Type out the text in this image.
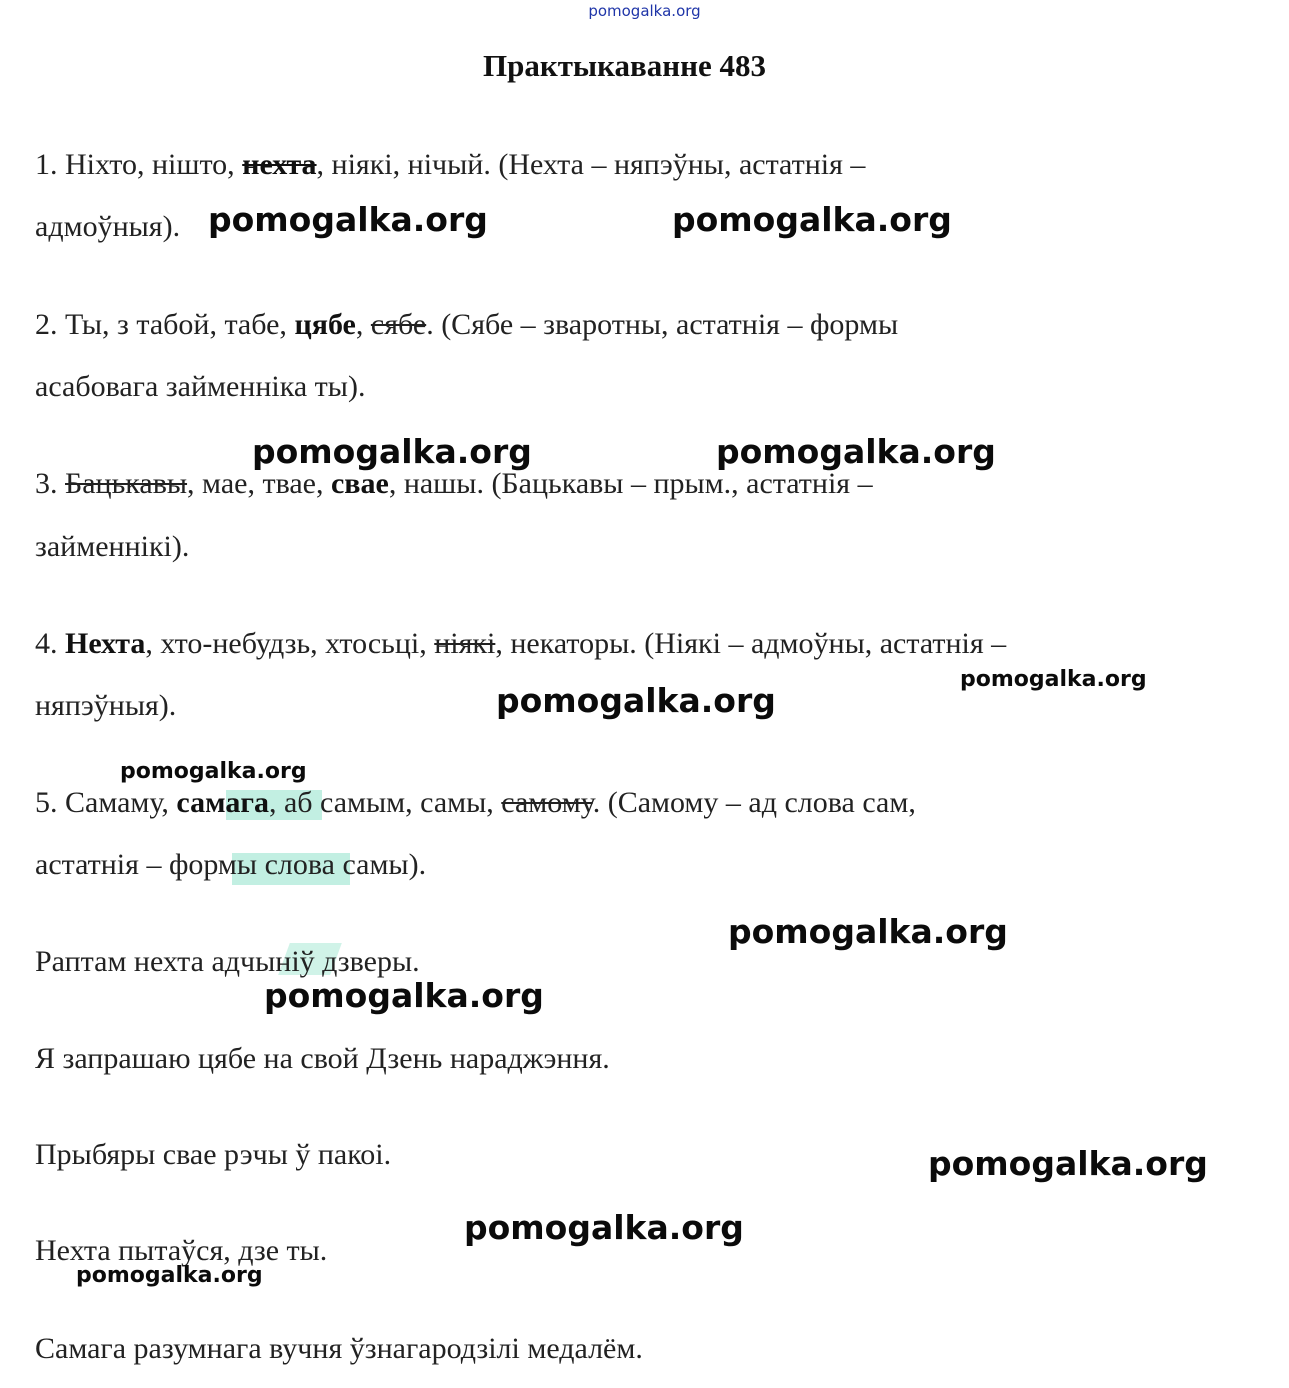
pomogalka.org
Практыкаванне 483
1. Ніхто, нішто, нехта, ніякі, нічый. (Нехта – няпэўны, астатнія –
адмоўныя).
2. Ты, з табой, табе, цябе, сябе. (Сябе – зваротны, астатнія – формы
асабовага займенніка ты).
3. Бацькавы, мае, твае, свае, нашы. (Бацькавы – прым., астатнія –
займеннікі).
4. Нехта, хто-небудзь, хтосьці, ніякі, некаторы. (Ніякі – адмоўны, астатнія –
няпэўныя).
5. Самаму, самага, аб самым, самы, самому. (Самому – ад слова сам,
астатнія – формы слова самы).
Раптам нехта адчыніў дзверы.
Я запрашаю цябе на свой Дзень нараджэння.
Прыбяры свае рэчы ў пакоі.
Нехта пытаўся, дзе ты.
Самага разумнага вучня ўзнагародзілі медалём.
pomogalka.org	pomogalka.org
pomogalka.org	pomogalka.org
pomogalka.org
pomogalka.org
pomogalka.org
pomogalka.org
pomogalka.org
pomogalka.org
pomogalka.org
pomogalka.org
